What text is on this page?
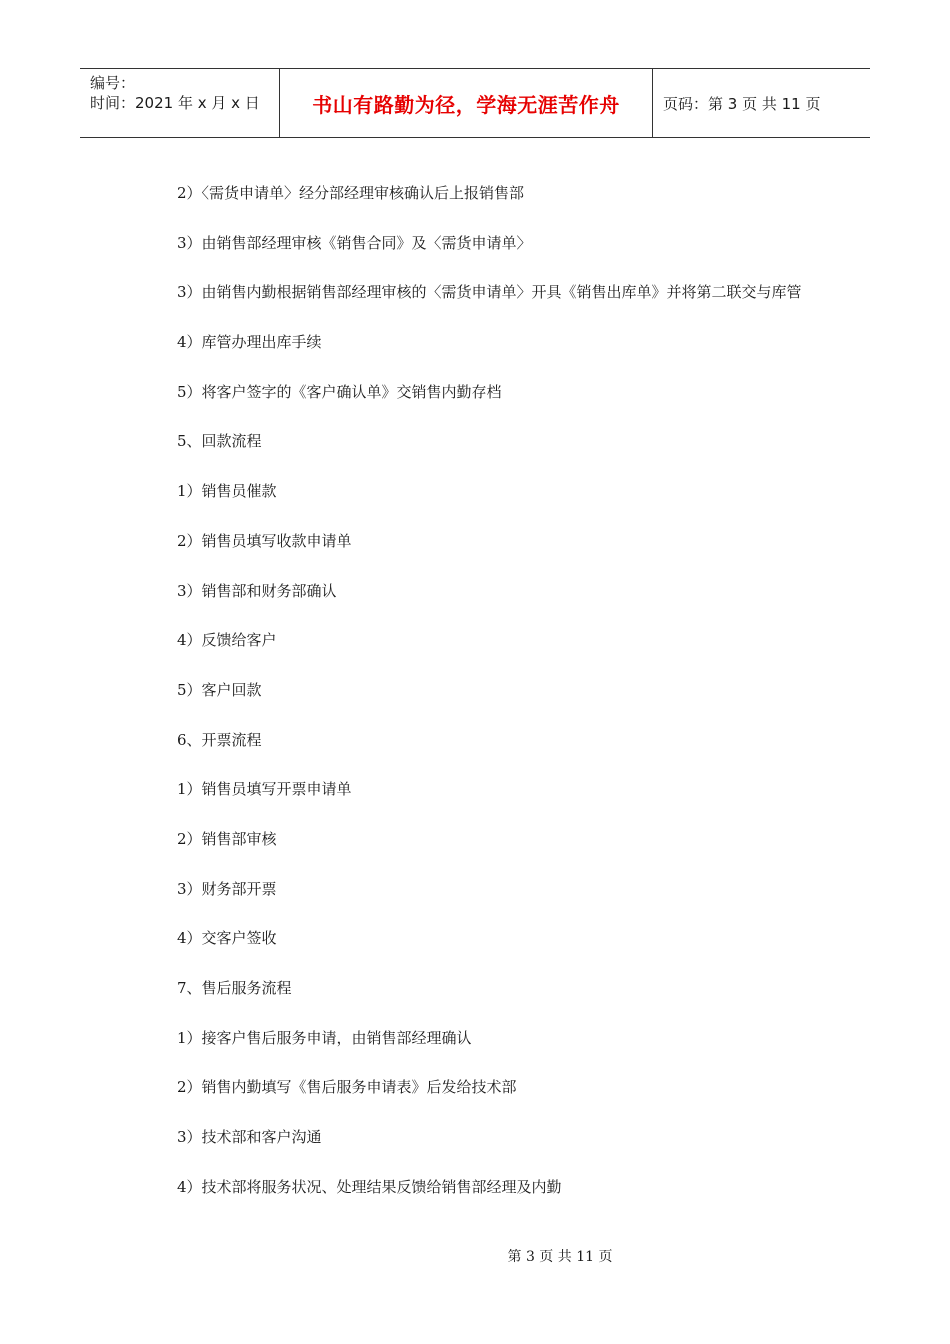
编号：
时间：2021 年 x 月 x 日	书山有路勤为径，学海无涯苦作舟	页码：第 3 页 共 11 页

2）〈需货申请单〉经分部经理审核确认后上报销售部

3）由销售部经理审核《销售合同》及〈需货申请单〉

3）由销售内勤根据销售部经理审核的〈需货申请单〉开具《销售出库单》并将第二联交与库管

4）库管办理出库手续

5）将客户签字的《客户确认单》交销售内勤存档

5、回款流程

1）销售员催款

2）销售员填写收款申请单

3）销售部和财务部确认

4）反馈给客户

5）客户回款

6、开票流程

1）销售员填写开票申请单

2）销售部审核

3）财务部开票

4）交客户签收

7、售后服务流程

1）接客户售后服务申请，由销售部经理确认

2）销售内勤填写《售后服务申请表》后发给技术部

3）技术部和客户沟通

4）技术部将服务状况、处理结果反馈给销售部经理及内勤

第 3 页 共 11 页
